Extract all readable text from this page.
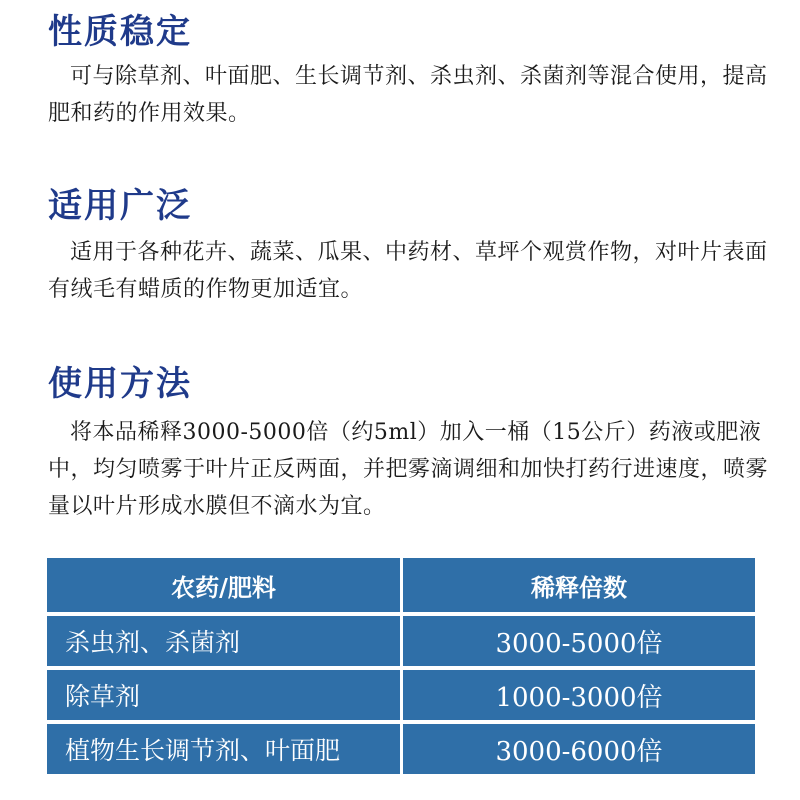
性质稳定

可与除草剂、叶面肥、生长调节剂、杀虫剂、杀菌剂等混合使用，提高肥和药的作用效果。

适用广泛

适用于各种花卉、蔬菜、瓜果、中药材、草坪个观赏作物，对叶片表面有绒毛有蜡质的作物更加适宜。

使用方法

将本品稀释3000-5000倍（约5ml）加入一桶（15公斤）药液或肥液中，均匀喷雾于叶片正反两面，并把雾滴调细和加快打药行进速度，喷雾量以叶片形成水膜但不滴水为宜。

农药/肥料	稀释倍数
杀虫剂、杀菌剂	3000-5000倍
除草剂	1000-3000倍
植物生长调节剂、叶面肥	3000-6000倍
